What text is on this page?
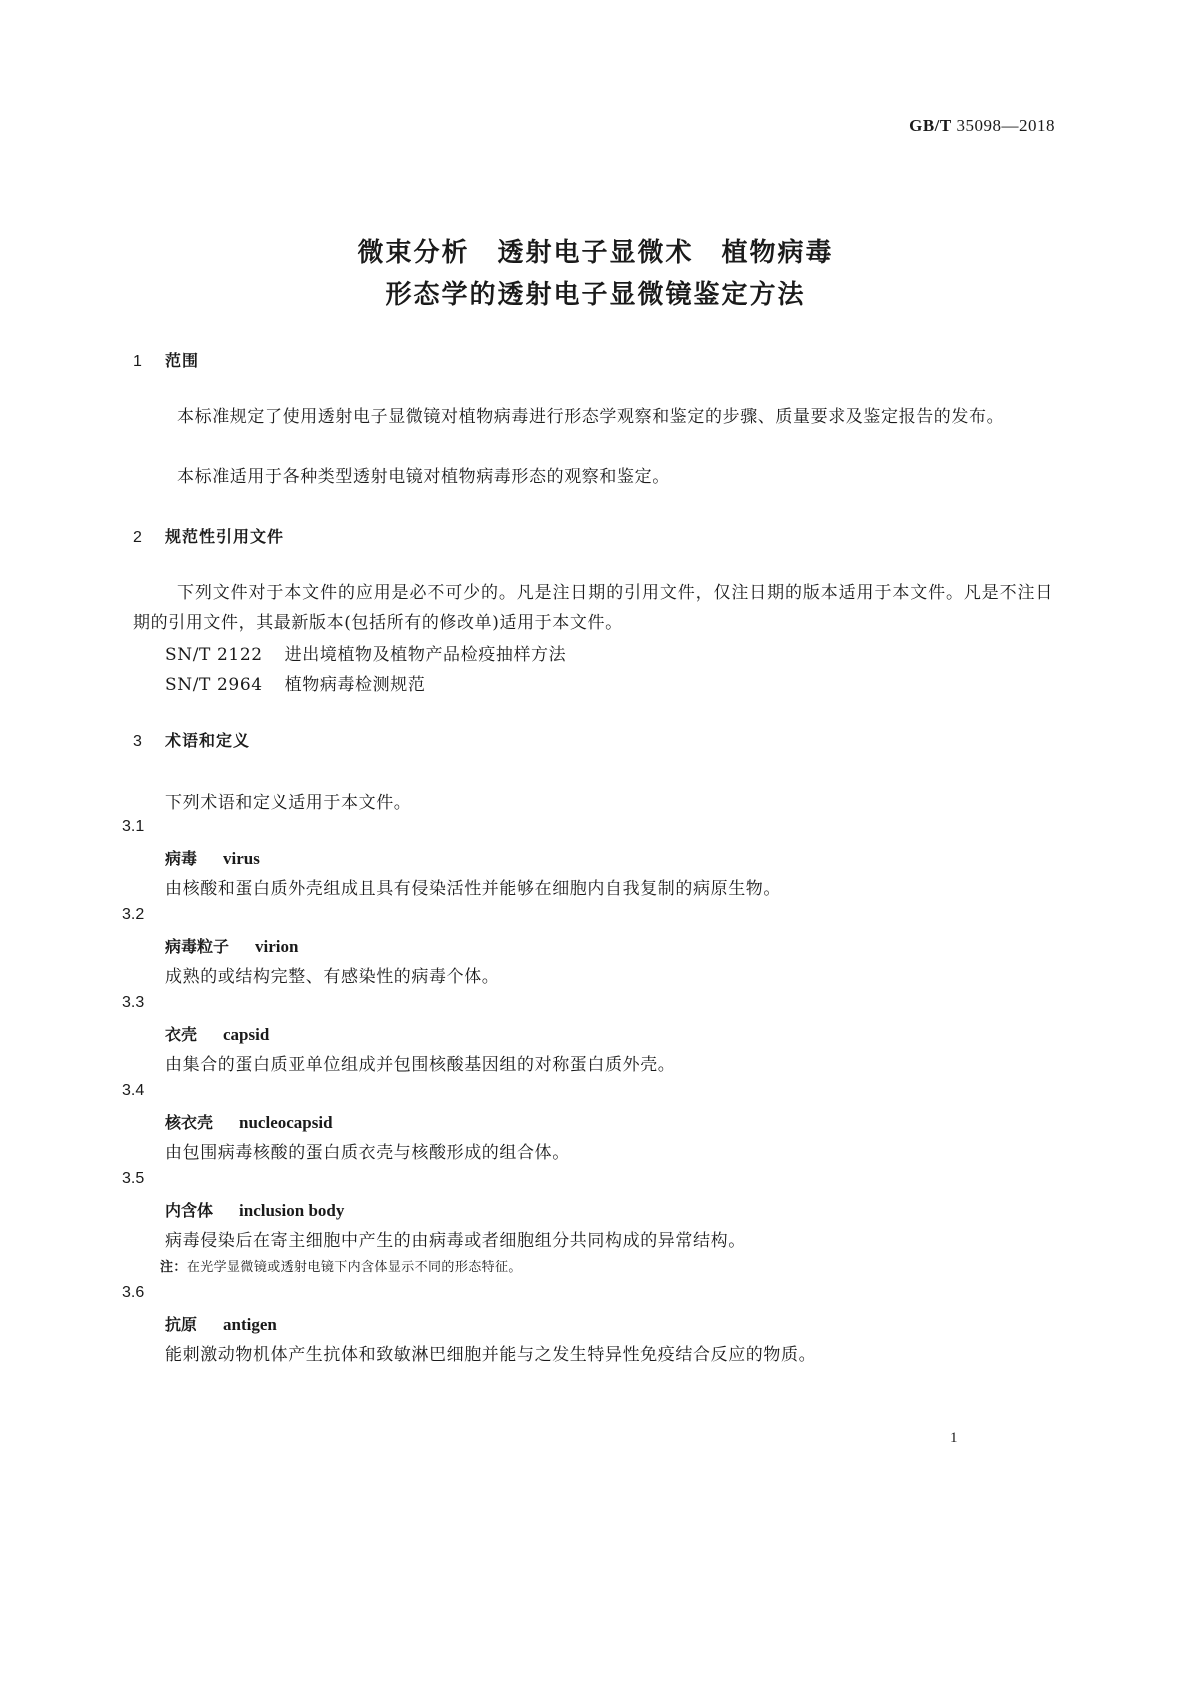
GB/T 35098—2018
微束分析　透射电子显微术　植物病毒
形态学的透射电子显微镜鉴定方法
1 范围
本标准规定了使用透射电子显微镜对植物病毒进行形态学观察和鉴定的步骤、质量要求及鉴定报告的发布。
本标准适用于各种类型透射电镜对植物病毒形态的观察和鉴定。
2 规范性引用文件
下列文件对于本文件的应用是必不可少的。凡是注日期的引用文件，仅注日期的版本适用于本文件。凡是不注日期的引用文件，其最新版本(包括所有的修改单)适用于本文件。
SN/T 2122 进出境植物及植物产品检疫抽样方法
SN/T 2964 植物病毒检测规范
3 术语和定义
下列术语和定义适用于本文件。
3.1
病毒 virus
由核酸和蛋白质外壳组成且具有侵染活性并能够在细胞内自我复制的病原生物。
3.2
病毒粒子 virion
成熟的或结构完整、有感染性的病毒个体。
3.3
衣壳 capsid
由集合的蛋白质亚单位组成并包围核酸基因组的对称蛋白质外壳。
3.4
核衣壳 nucleocapsid
由包围病毒核酸的蛋白质衣壳与核酸形成的组合体。
3.5
内含体 inclusion body
病毒侵染后在寄主细胞中产生的由病毒或者细胞组分共同构成的异常结构。
注：在光学显微镜或透射电镜下内含体显示不同的形态特征。
3.6
抗原 antigen
能刺激动物机体产生抗体和致敏淋巴细胞并能与之发生特异性免疫结合反应的物质。
1
